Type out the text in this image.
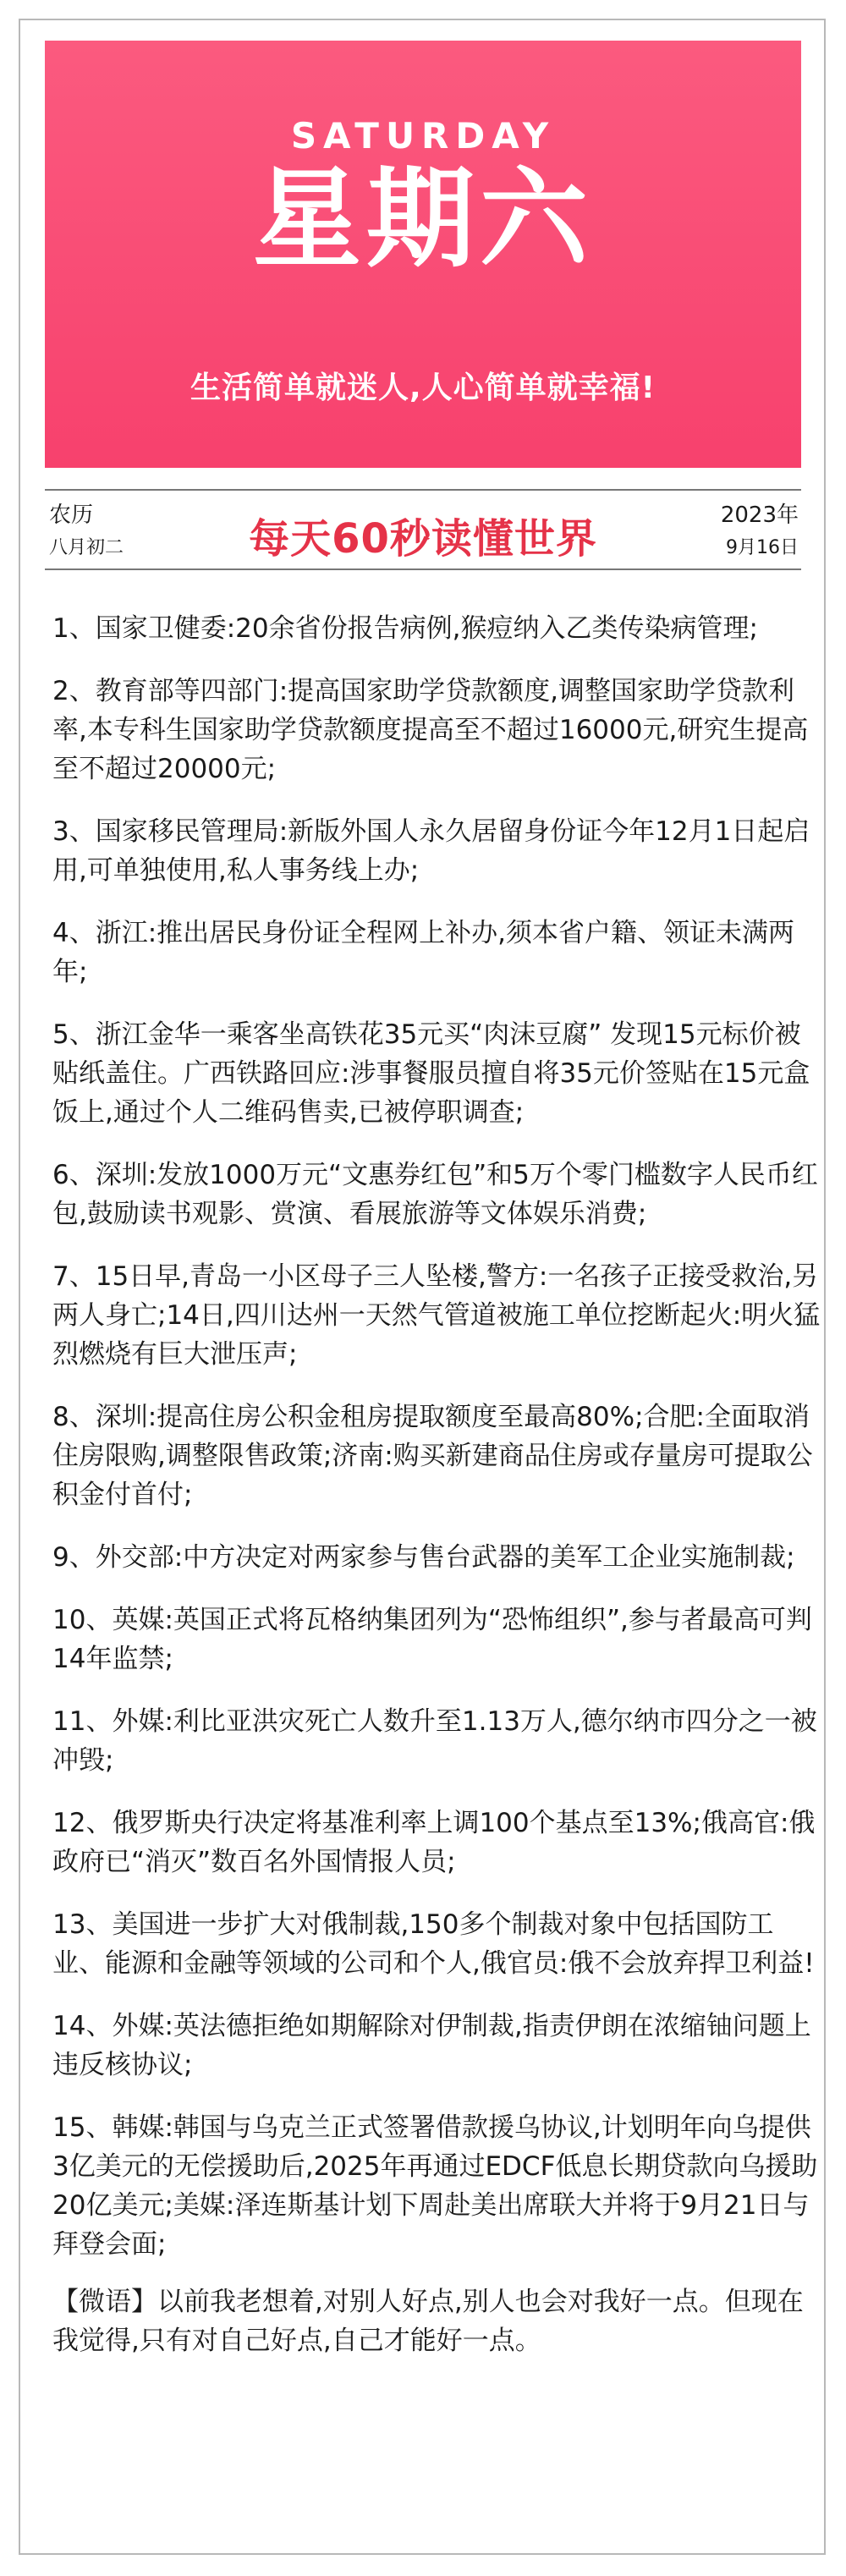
SATURDAY
星期六
生活简单就迷人,人心简单就幸福!
农历
八月初二	每天60秒读懂世界	2023年
9月16日
1、国家卫健委:20余省份报告病例,猴痘纳入乙类传染病管理;
2、教育部等四部门:提高国家助学贷款额度,调整国家助学贷款利率,本专科生国家助学贷款额度提高至不超过16000元,研究生提高至不超过20000元;
3、国家移民管理局:新版外国人永久居留身份证今年12月1日起启用,可单独使用,私人事务线上办;
4、浙江:推出居民身份证全程网上补办,须本省户籍、领证未满两年;
5、浙江金华一乘客坐高铁花35元买“肉沫豆腐” 发现15元标价被贴纸盖住。广西铁路回应:涉事餐服员擅自将35元价签贴在15元盒饭上,通过个人二维码售卖,已被停职调查;
6、深圳:发放1000万元“文惠券红包”和5万个零门槛数字人民币红包,鼓励读书观影、赏演、看展旅游等文体娱乐消费;
7、15日早,青岛一小区母子三人坠楼,警方:一名孩子正接受救治,另两人身亡;14日,四川达州一天然气管道被施工单位挖断起火:明火猛烈燃烧有巨大泄压声;
8、深圳:提高住房公积金租房提取额度至最高80%;合肥:全面取消住房限购,调整限售政策;济南:购买新建商品住房或存量房可提取公积金付首付;
9、外交部:中方决定对两家参与售台武器的美军工企业实施制裁;
10、英媒:英国正式将瓦格纳集团列为“恐怖组织”,参与者最高可判14年监禁;
11、外媒:利比亚洪灾死亡人数升至1.13万人,德尔纳市四分之一被冲毁;
12、俄罗斯央行决定将基准利率上调100个基点至13%;俄高官:俄政府已“消灭”数百名外国情报人员;
13、美国进一步扩大对俄制裁,150多个制裁对象中包括国防工业、能源和金融等领域的公司和个人,俄官员:俄不会放弃捍卫利益!
14、外媒:英法德拒绝如期解除对伊制裁,指责伊朗在浓缩铀问题上违反核协议;
15、韩媒:韩国与乌克兰正式签署借款援乌协议,计划明年向乌提供3亿美元的无偿援助后,2025年再通过EDCF低息长期贷款向乌援助20亿美元;美媒:泽连斯基计划下周赴美出席联大并将于9月21日与拜登会面;
【微语】以前我老想着,对别人好点,别人也会对我好一点。但现在我觉得,只有对自己好点,自己才能好一点。
